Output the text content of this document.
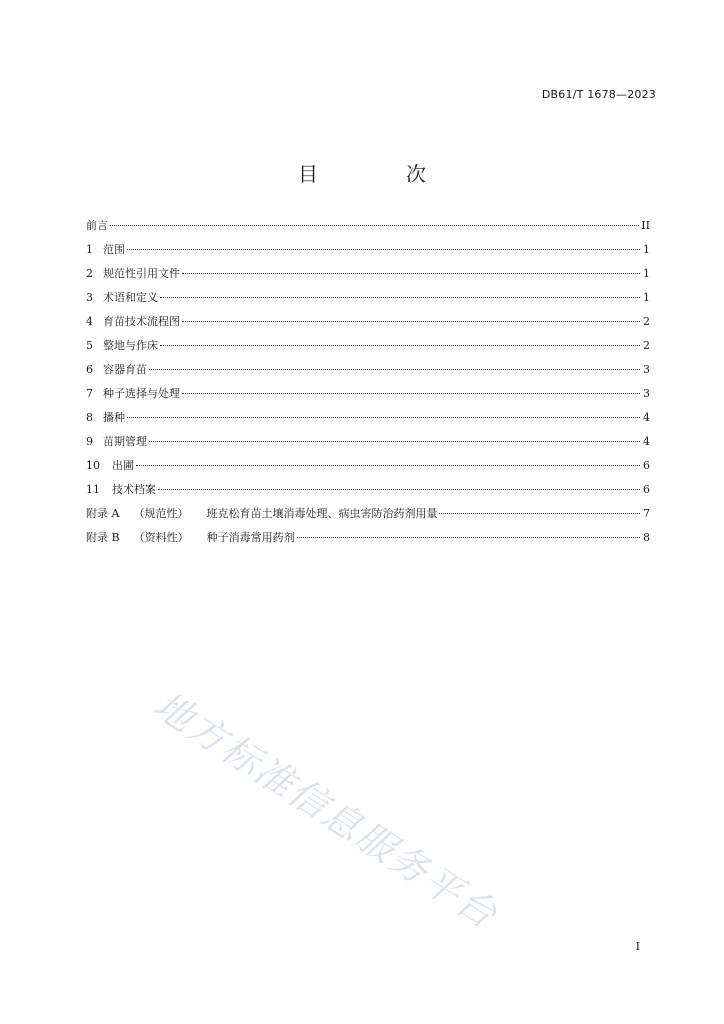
DB61/T 1678—2023
目　次
前言	II
1 范围	1
2 规范性引用文件	1
3 术语和定义	1
4 育苗技术流程图	2
5 整地与作床	2
6 容器育苗	3
7 种子选择与处理	3
8 播种	4
9 苗期管理	4
10 出圃	6
11 技术档案	6
附录 A （规范性） 班克松育苗土壤消毒处理、病虫害防治药剂用量	7
附录 B （资料性） 种子消毒常用药剂	8
地方标准信息服务平台
I
